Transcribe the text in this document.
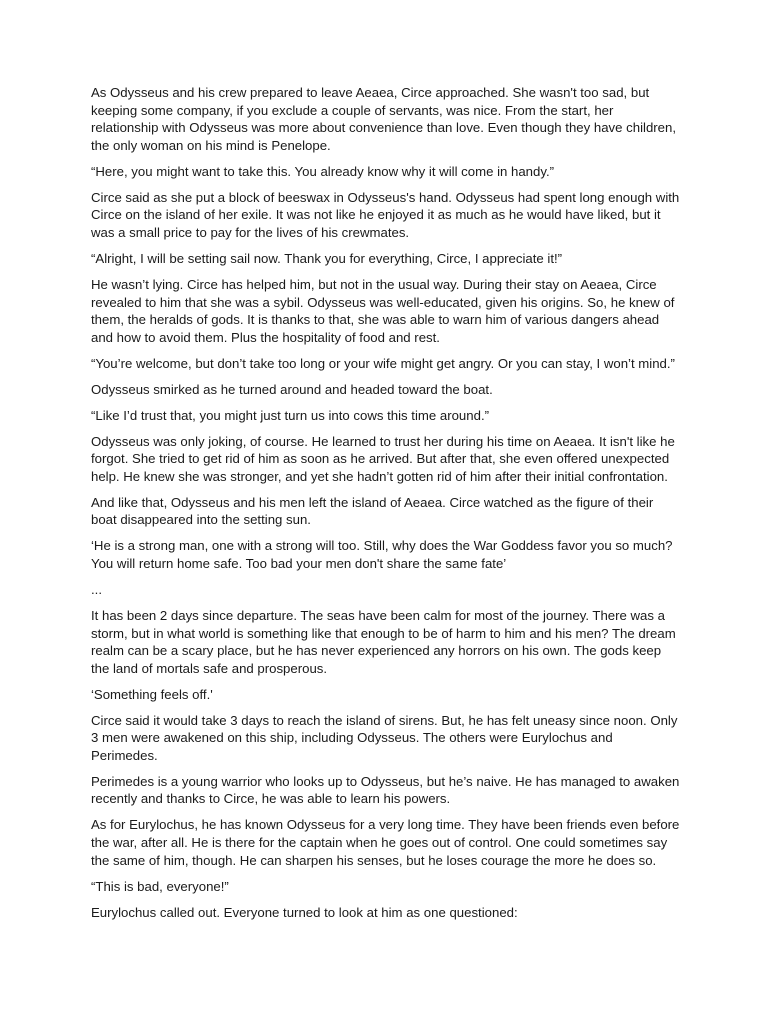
As Odysseus and his crew prepared to leave Aeaea, Circe approached. She wasn't too sad, but keeping some company, if you exclude a couple of servants, was nice. From the start, her relationship with Odysseus was more about convenience than love. Even though they have children, the only woman on his mind is Penelope.

“Here, you might want to take this. You already know why it will come in handy.”

Circe said as she put a block of beeswax in Odysseus's hand. Odysseus had spent long enough with Circe on the island of her exile. It was not like he enjoyed it as much as he would have liked, but it was a small price to pay for the lives of his crewmates.

“Alright, I will be setting sail now. Thank you for everything, Circe, I appreciate it!”

He wasn’t lying. Circe has helped him, but not in the usual way. During their stay on Aeaea, Circe revealed to him that she was a sybil. Odysseus was well-educated, given his origins. So, he knew of them, the heralds of gods. It is thanks to that, she was able to warn him of various dangers ahead and how to avoid them. Plus the hospitality of food and rest.

“You’re welcome, but don’t take too long or your wife might get angry. Or you can stay, I won’t mind.”

Odysseus smirked as he turned around and headed toward the boat.

“Like I’d trust that, you might just turn us into cows this time around.”

Odysseus was only joking, of course. He learned to trust her during his time on Aeaea. It isn't like he forgot. She tried to get rid of him as soon as he arrived. But after that, she even offered unexpected help. He knew she was stronger, and yet she hadn’t gotten rid of him after their initial confrontation.

And like that, Odysseus and his men left the island of Aeaea. Circe watched as the figure of their boat disappeared into the setting sun.

‘He is a strong man, one with a strong will too. Still, why does the War Goddess favor you so much? You will return home safe. Too bad your men don't share the same fate’

...

It has been 2 days since departure. The seas have been calm for most of the journey. There was a storm, but in what world is something like that enough to be of harm to him and his men? The dream realm can be a scary place, but he has never experienced any horrors on his own. The gods keep the land of mortals safe and prosperous.

‘Something feels off.'

Circe said it would take 3 days to reach the island of sirens. But, he has felt uneasy since noon. Only 3 men were awakened on this ship, including Odysseus. The others were Eurylochus and Perimedes.

Perimedes is a young warrior who looks up to Odysseus, but he’s naive. He has managed to awaken recently and thanks to Circe, he was able to learn his powers.

As for Eurylochus, he has known Odysseus for a very long time. They have been friends even before the war, after all. He is there for the captain when he goes out of control. One could sometimes say the same of him, though. He can sharpen his senses, but he loses courage the more he does so.

“This is bad, everyone!”

Eurylochus called out. Everyone turned to look at him as one questioned:
